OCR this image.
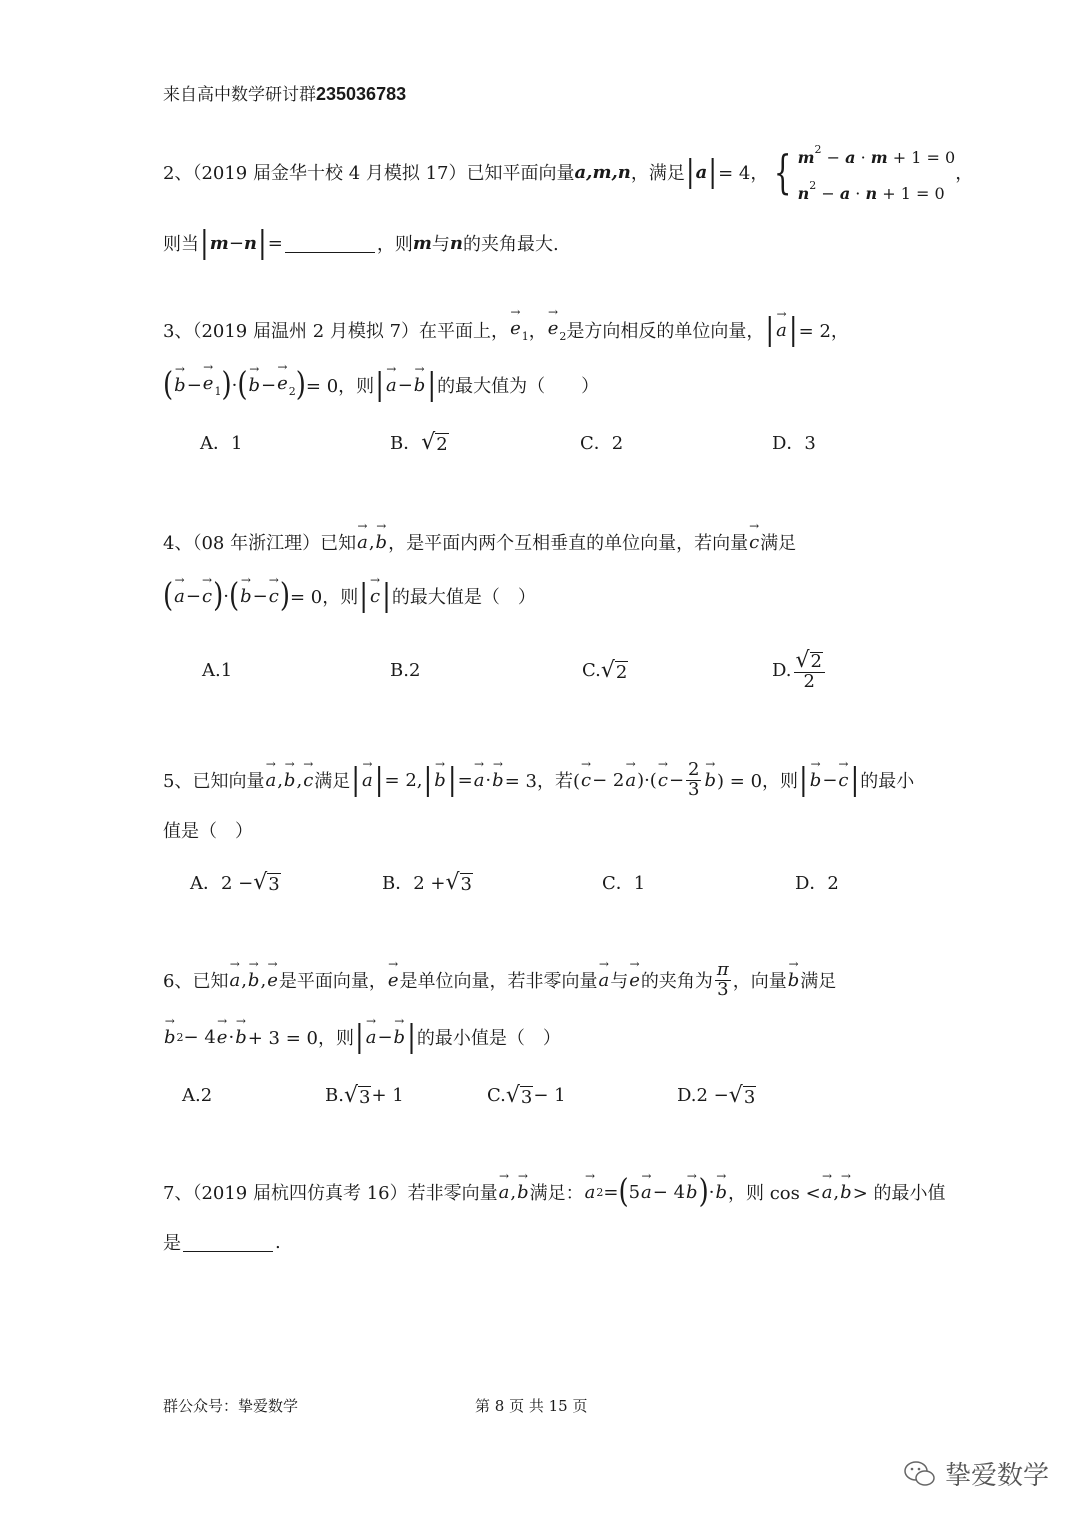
来自高中数学研讨群235036783
2、（2019 届金华十校 4 月模拟 17）已知平面向量 a,m,n ，满足 | a | = 4， { $m^2 - a \cdot m + 1 = 0$
$n^2 - a \cdot n + 1 = 0$
，
则当 | m − n | =	，则 m 与 n 的夹角最大.
3、（2019 届温州 2 月模拟 7）在平面上， → $e_1$ ， → $e_2$ 是方向相反的单位向量， | → a | = 2，
( → b − → $e_1$ ) · ( → b − → $e_2$ ) = 0，则 | → a − → b | 的最大值为（　　）
A．1	B． √ 2	C．2	D．3
4、（08 年浙江理）已知 → a , → b ，是平面内两个互相垂直的单位向量，若向量 → c 满足
( → a − → c ) · ( → b − → c ) = 0，则 | → c | 的最大值是（　）
A.1	B.2	C. √ 2	D. $\frac{√ 2}{2}$
5、已知向量 → a , → b , → c 满足 | → a | = 2, | → b | = → a · → b = 3，若( → c − 2 → a )·( → $c - \frac{2}{3} \to b$ ) = 0，则 | → b − → c | 的最小
值是（　）
A．2 − √ 3	B．2 + √ 3	C．1	D．2
6、已知 → a , → b , → e 是平面向量， → e 是单位向量，若非零向量 → a 与 → e 的夹角为 $\frac{\pi}{3}$ ，向量 → b 满足
→ b 2 − 4 → e · → b + 3 = 0，则 | → a − → b | 的最小值是（　）
A.2	B. √ 3 + 1	C. √ 3 − 1	D.2 − √ 3
7、（2019 届杭四仿真考 16）若非零向量 → a , → b 满足： → a 2 = ( 5 → a − 4 → b ) · → b ，则 cos < → a , → b > 的最小值
是	.
群公众号：挚爱数学	第 8 页 共 15 页
挚爱数学
